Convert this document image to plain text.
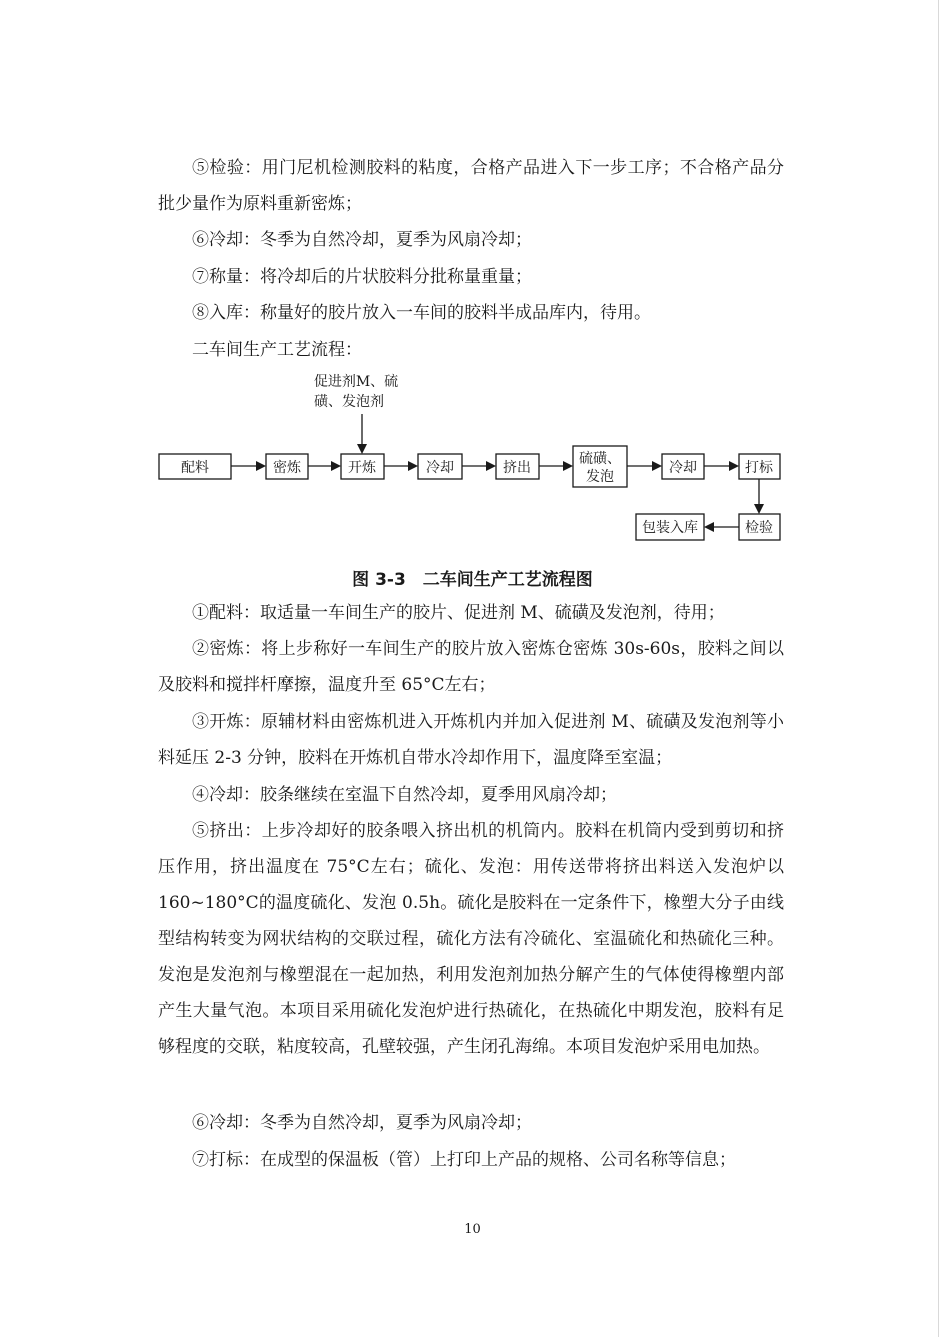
⑤检验：用门尼机检测胶料的粘度，合格产品进入下一步工序；不合格产品分批少量作为原料重新密炼；

⑥冷却：冬季为自然冷却，夏季为风扇冷却；

⑦称量：将冷却后的片状胶料分批称量重量；

⑧入库：称量好的胶片放入一车间的胶料半成品库内，待用。

二车间生产工艺流程：

促进剂M、硫
磺、发泡剂
配料	密炼	开炼	冷却	挤出
硫磺、
发泡
冷却	打标
检验
包装入库
图 3-3　二车间生产工艺流程图

①配料：取适量一车间生产的胶片、促进剂 M、硫磺及发泡剂，待用；

②密炼：将上步称好一车间生产的胶片放入密炼仓密炼 30s-60s，胶料之间以及胶料和搅拌杆摩擦，温度升至 65°C左右；

③开炼：原辅材料由密炼机进入开炼机内并加入促进剂 M、硫磺及发泡剂等小料延压 2-3 分钟，胶料在开炼机自带水冷却作用下，温度降至室温；

④冷却：胶条继续在室温下自然冷却，夏季用风扇冷却；

⑤挤出：上步冷却好的胶条喂入挤出机的机筒内。胶料在机筒内受到剪切和挤压作用，挤出温度在 75°C左右；硫化、发泡：用传送带将挤出料送入发泡炉以 160~180°C的温度硫化、发泡 0.5h。硫化是胶料在一定条件下，橡塑大分子由线型结构转变为网状结构的交联过程，硫化方法有冷硫化、室温硫化和热硫化三种。发泡是发泡剂与橡塑混在一起加热，利用发泡剂加热分解产生的气体使得橡塑内部产生大量气泡。本项目采用硫化发泡炉进行热硫化，在热硫化中期发泡，胶料有足够程度的交联，粘度较高，孔壁较强，产生闭孔海绵。本项目发泡炉采用电加热。

⑥冷却：冬季为自然冷却，夏季为风扇冷却；

⑦打标：在成型的保温板（管）上打印上产品的规格、公司名称等信息；

10
